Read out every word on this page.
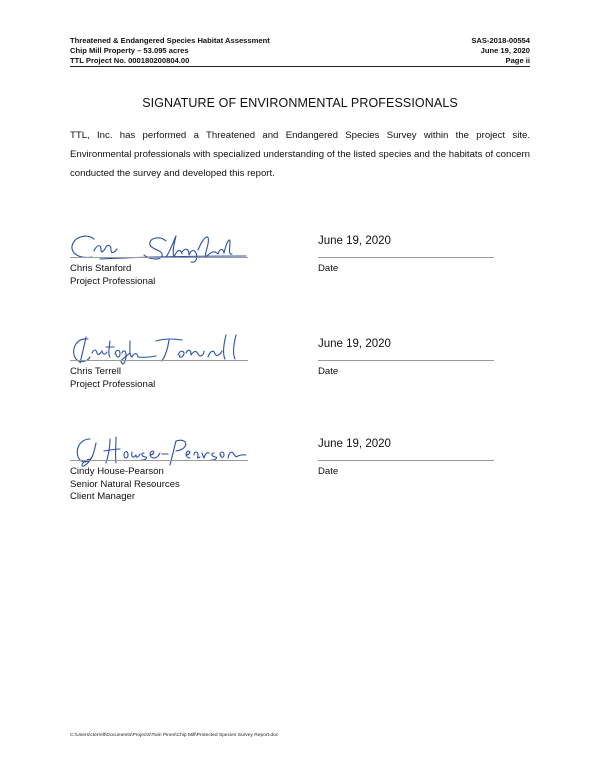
Threatened & Endangered Species Habitat Assessment	SAS-2018-00554
Chip Mill Property – 53.095 acres	June 19, 2020
TTL Project No. 000180200804.00	Page ii
SIGNATURE OF ENVIRONMENTAL PROFESSIONALS
TTL, Inc. has performed a Threatened and Endangered Species Survey within the project site. Environmental professionals with specialized understanding of the listed species and the habitats of concern conducted the survey and developed this report.
June 19, 2020
Chris Stanford
Project Professional
Date
June 19, 2020
Chris Terrell
Project Professional
Date
June 19, 2020
Cindy House-Pearson
Senior Natural Resources
Client Manager
Date
C:\Users\cterrell\Documents\Projects\Twin Pines\Chip Mill\Protected Species Survey Report.doc
